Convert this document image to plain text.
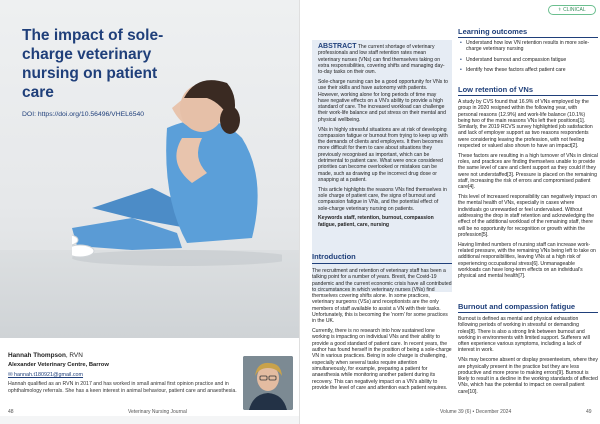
The impact of sole-charge veterinary nursing on patient care
DOI: https://doi.org/10.56496/VHEL6540
Hannah Thompson, RVN
Alexander Veterinary Centre, Barrow
✉ hannah.t180921@gmail.com
Hannah qualified as an RVN in 2017 and has worked in small animal first opinion practice and in ophthalmology referrals. She has a keen interest in animal behaviour, patient care and anaesthesia.
48	Veterinary Nursing Journal
⚕ CLINICAL

ABSTRACT The current shortage of veterinary professionals and low staff retention rates mean veterinary nurses (VNs) can find themselves taking on extra responsibilities, covering shifts and managing day-to-day tasks on their own.

Sole-charge nursing can be a good opportunity for VNs to use their skills and have autonomy with patients. However, working alone for long periods of time may have negative effects on a VN's ability to provide a high standard of care. The increased workload can challenge their work-life balance and put stress on their mental and physical wellbeing.

VNs in highly stressful situations are at risk of developing compassion fatigue or burnout from trying to keep up with the demands of clients and employers. It then becomes more difficult for them to care about situations they previously recognised as important, which can be detrimental to patient care. What were once considered priorities can become overlooked or mistakes can be made, such as drawing up the incorrect drug dose or snapping at a patient.

This article highlights the reasons VNs find themselves in sole charge of patient care, the signs of burnout and compassion fatigue in VNs, and the potential effect of sole-charge veterinary nursing on patients.

Keywords staff, retention, burnout, compassion fatigue, patient, care, nursing

Introduction

The recruitment and retention of veterinary staff has been a talking point for a number of years. Brexit, the Covid-19 pandemic and the current economic crisis have all contributed to circumstances in which veterinary nurses (VNs) find themselves covering shifts alone. In some practices, veterinary surgeons (VSs) and receptionists are the only members of staff available to assist a VN with their tasks. Unfortunately, this is becoming the 'norm' for some practices in the UK.

Currently, there is no research into how sustained lone working is impacting on individual VNs and their ability to provide a good standard of patient care. In recent years, the author has found herself in the position of being a sole-charge VN in various practices. Being in sole charge is challenging, especially when several tasks require attention simultaneously, for example, preparing a patient for anaesthesia while monitoring another patient during its recovery. This can negatively impact on a VN's ability to provide the level of care and attention each patient requires.

Learning outcomes
• Understand how low VN retention results in more sole-charge veterinary nursing
• Understand burnout and compassion fatigue
• Identify how these factors affect patient care
Low retention of VNs

A study by CVS found that 16.9% of VNs employed by the group in 2020 resigned within the following year, with personal reasons (12.9%) and work-life balance (10.1%) being two of the main reasons VNs left their positions[1]. Similarly, the 2019 RCVS survey highlighted job satisfaction and lack of employer support as two reasons respondents were considering leaving the profession, with not feeling respected or valued also shown to have an impact[2].

These factors are resulting in a high turnover of VNs in clinical roles, and practices are finding themselves unable to provide the same level of care and client support as they could if they were not understaffed[3]. Pressure is placed on the remaining staff, increasing the risk of errors and compromised patient care[4].

This level of increased responsibility can negatively impact on the mental health of VNs, especially in cases where individuals go unrewarded or feel undervalued. Without addressing the drop in staff retention and acknowledging the effect of the additional workload of the remaining staff, there will be no opportunity for recognition or growth within the profession[5].

Having limited numbers of nursing staff can increase work-related pressure, with the remaining VNs being left to take on additional responsibilities, leaving VNs at a high risk of experiencing occupational stress[6]. Unmanageable workloads can have long-term effects on an individual's physical and mental health[7].

Burnout and compassion fatigue

Burnout is defined as mental and physical exhaustion following periods of working in stressful or demanding roles[8]. There is also a strong link between burnout and working in environments with limited support. Sufferers will often experience various symptoms, including a lack of interest in work.

VNs may become absent or display presenteeism, where they are physically present in the practice but they are less productive and more prone to making errors[9]. Burnout is likely to result in a decline in the working standards of affected VNs, which has the potential to impact on overall patient care[10].

Volume 39 (6) • December 2024	49
